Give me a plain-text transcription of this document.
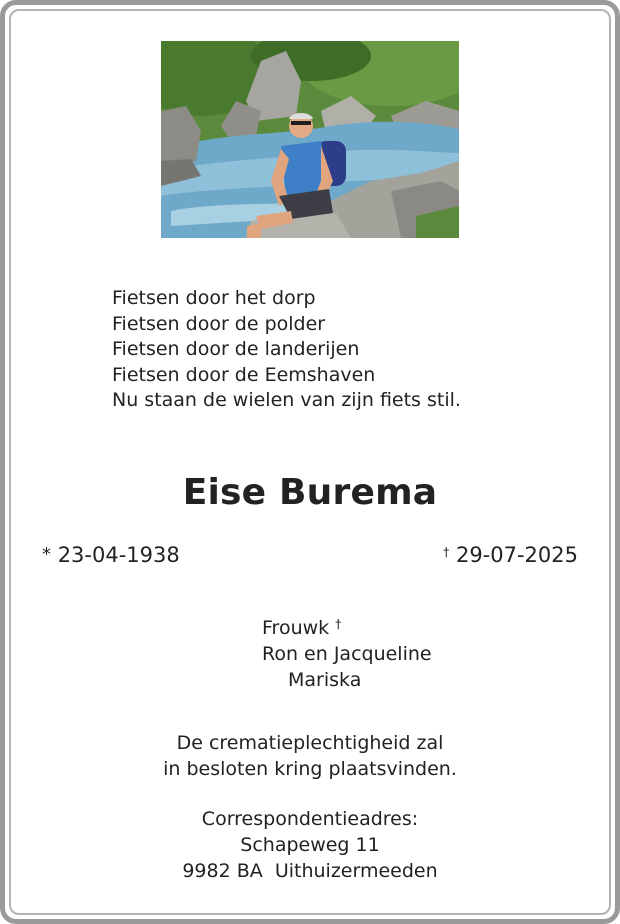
Fietsen door het dorp
Fietsen door de polder
Fietsen door de landerijen
Fietsen door de Eemshaven
Nu staan de wielen van zijn fiets stil.
Eise Burema
* 23-04-1938	† 29-07-2025
Frouwk †
Ron en Jacqueline
Mariska
De crematieplechtigheid zal
in besloten kring plaatsvinden.
Correspondentieadres:
Schapeweg 11
9982 BA  Uithuizermeeden
